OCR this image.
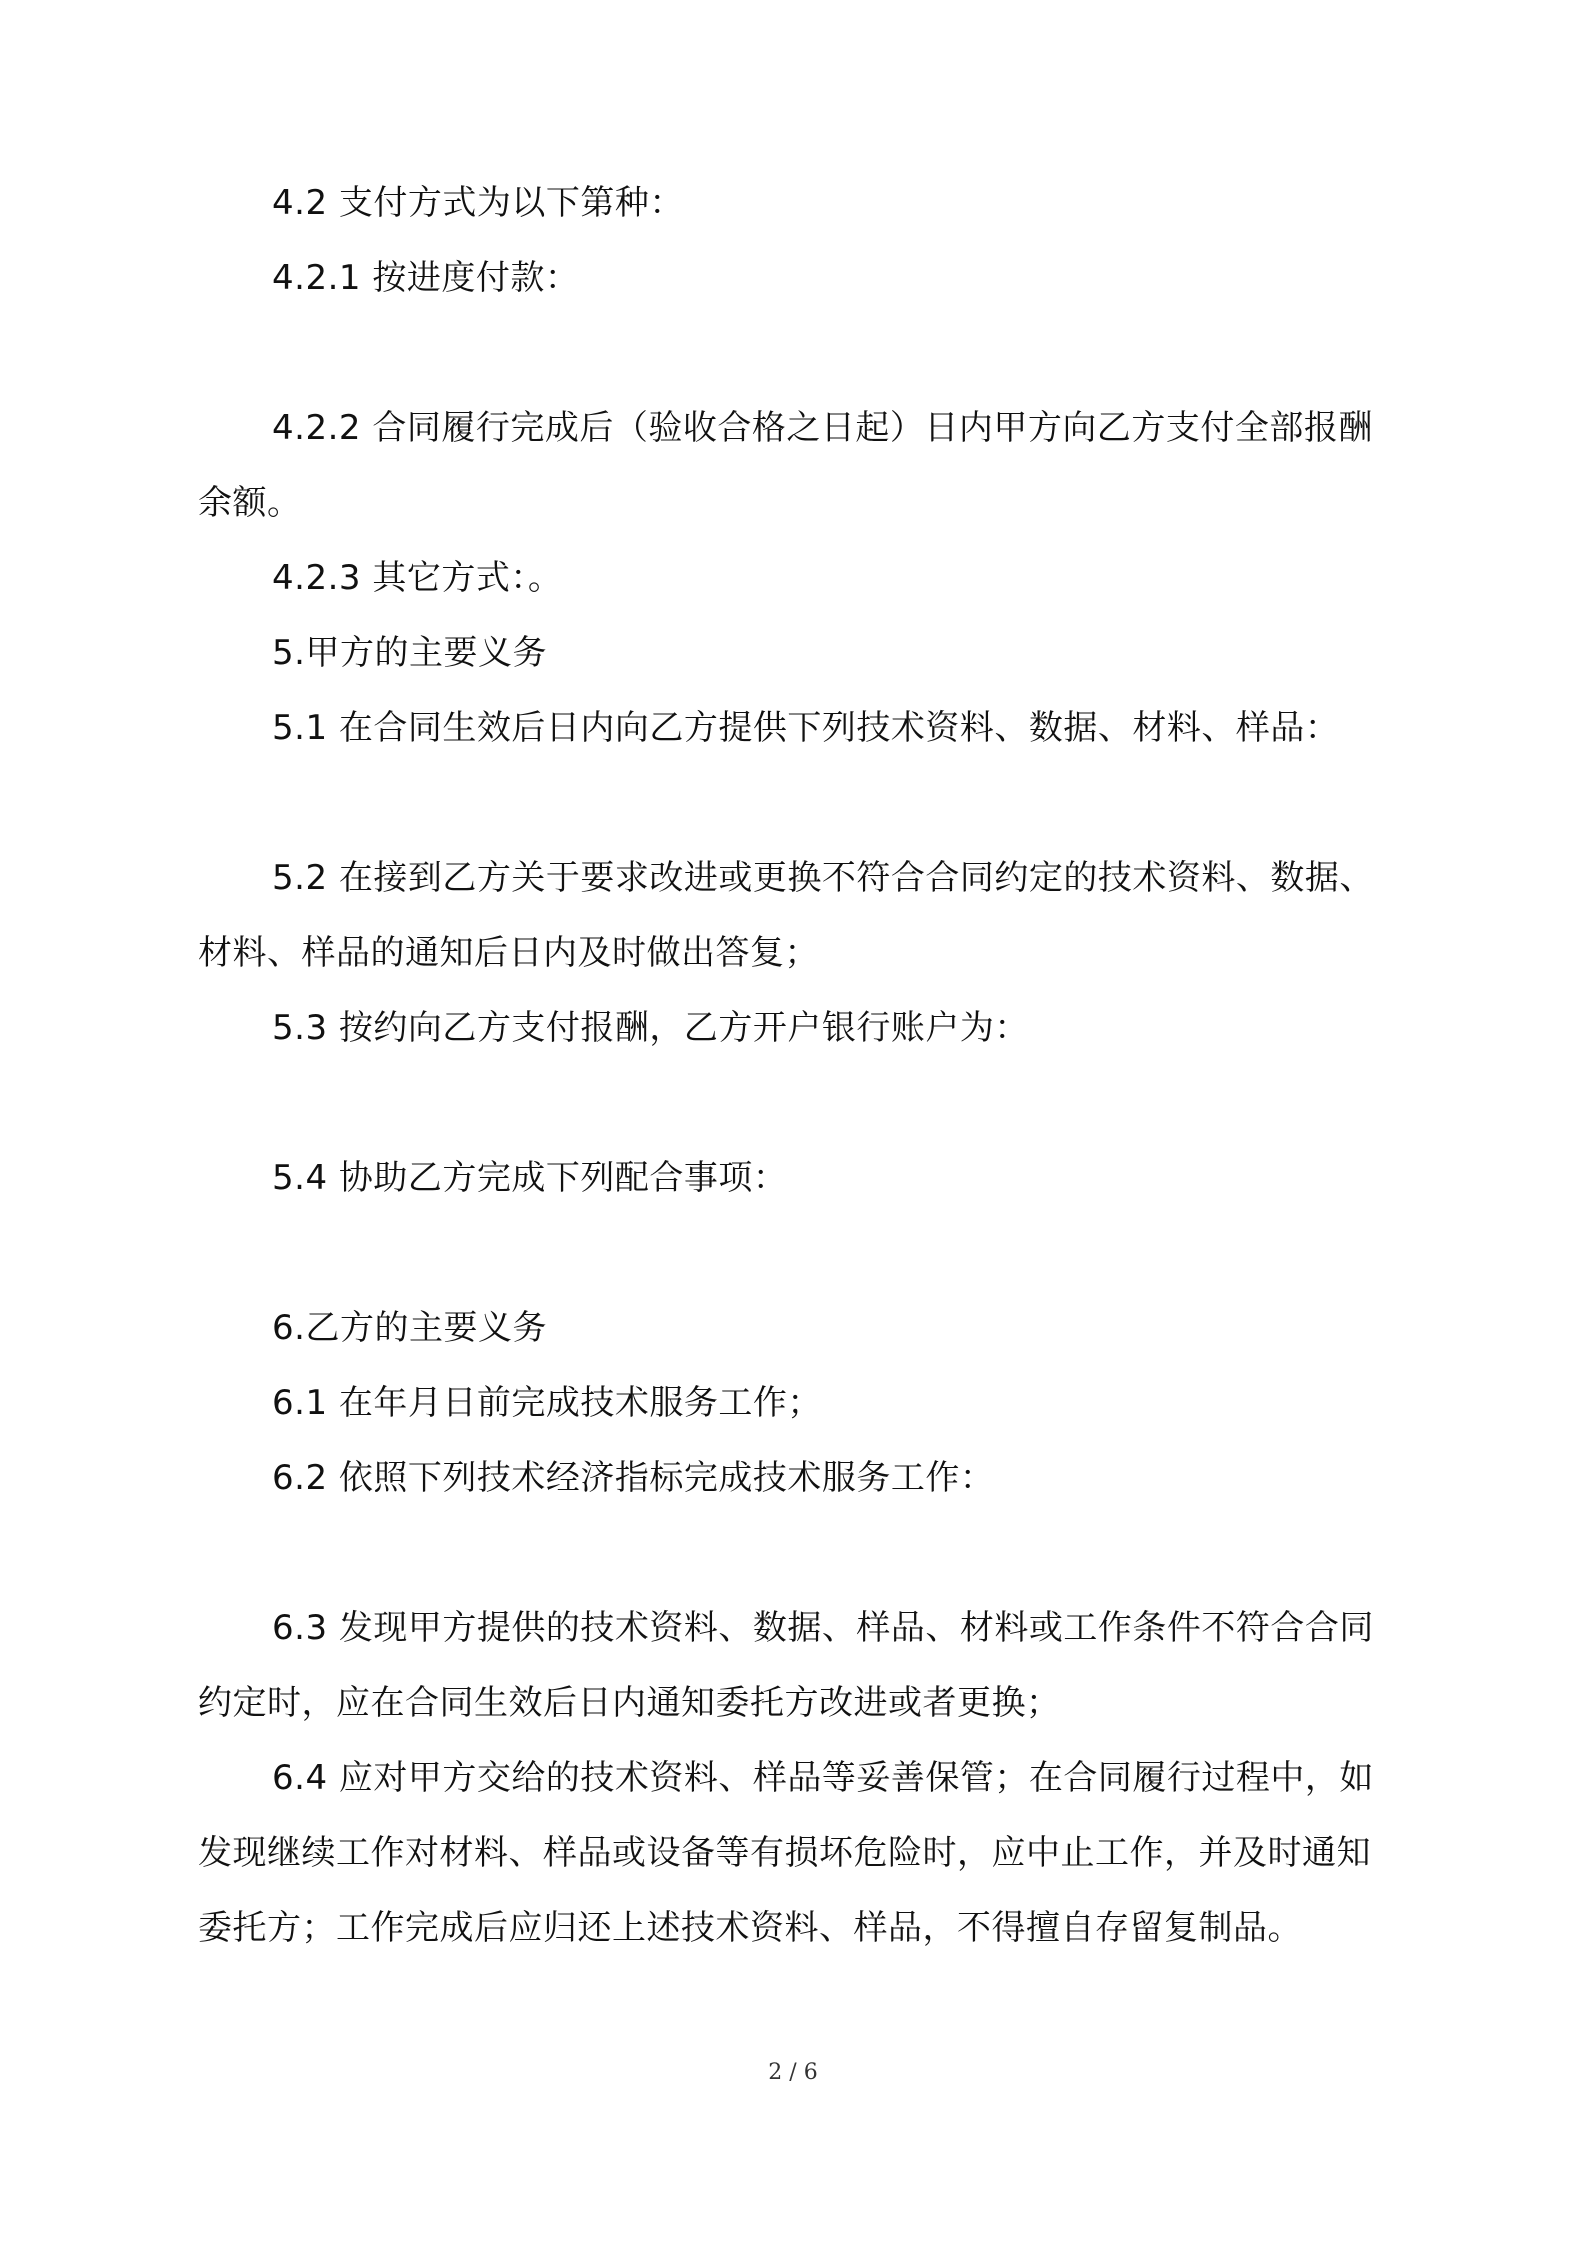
4.2 支付方式为以下第种：

4.2.1 按进度付款：

4.2.2 合同履行完成后（验收合格之日起）日内甲方向乙方支付全部报酬余额。

4.2.3 其它方式：。

5.甲方的主要义务

5.1 在合同生效后日内向乙方提供下列技术资料、数据、材料、样品：

5.2 在接到乙方关于要求改进或更换不符合合同约定的技术资料、数据、材料、样品的通知后日内及时做出答复；

5.3 按约向乙方支付报酬，乙方开户银行账户为：

5.4 协助乙方完成下列配合事项：

6.乙方的主要义务

6.1 在年月日前完成技术服务工作；

6.2 依照下列技术经济指标完成技术服务工作：

6.3 发现甲方提供的技术资料、数据、样品、材料或工作条件不符合合同约定时，应在合同生效后日内通知委托方改进或者更换；

6.4 应对甲方交给的技术资料、样品等妥善保管；在合同履行过程中，如发现继续工作对材料、样品或设备等有损坏危险时，应中止工作，并及时通知委托方；工作完成后应归还上述技术资料、样品，不得擅自存留复制品。

2 / 6
